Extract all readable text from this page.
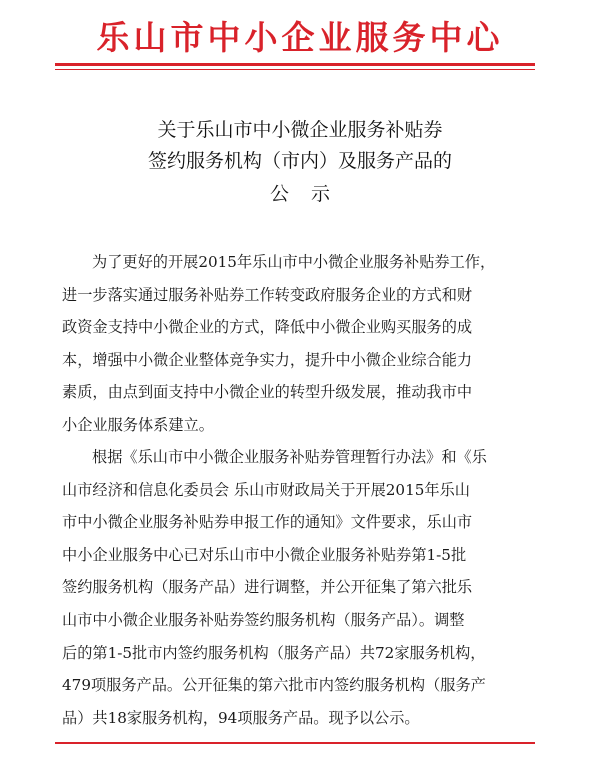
乐山市中小企业服务中心
关于乐山市中小微企业服务补贴券
签约服务机构（市内）及服务产品的
公示
为了更好的开展2015年乐山市中小微企业服务补贴券工作，
进一步落实通过服务补贴券工作转变政府服务企业的方式和财
政资金支持中小微企业的方式，降低中小微企业购买服务的成
本，增强中小微企业整体竞争实力，提升中小微企业综合能力
素质，由点到面支持中小微企业的转型升级发展，推动我市中
小企业服务体系建立。
根据《乐山市中小微企业服务补贴券管理暂行办法》和《乐
山市经济和信息化委员会 乐山市财政局关于开展2015年乐山
市中小微企业服务补贴券申报工作的通知》文件要求，乐山市
中小企业服务中心已对乐山市中小微企业服务补贴券第1-5批
签约服务机构（服务产品）进行调整，并公开征集了第六批乐
山市中小微企业服务补贴券签约服务机构（服务产品）。调整
后的第1-5批市内签约服务机构（服务产品）共72家服务机构，
479项服务产品。公开征集的第六批市内签约服务机构（服务产
品）共18家服务机构，94项服务产品。现予以公示。
